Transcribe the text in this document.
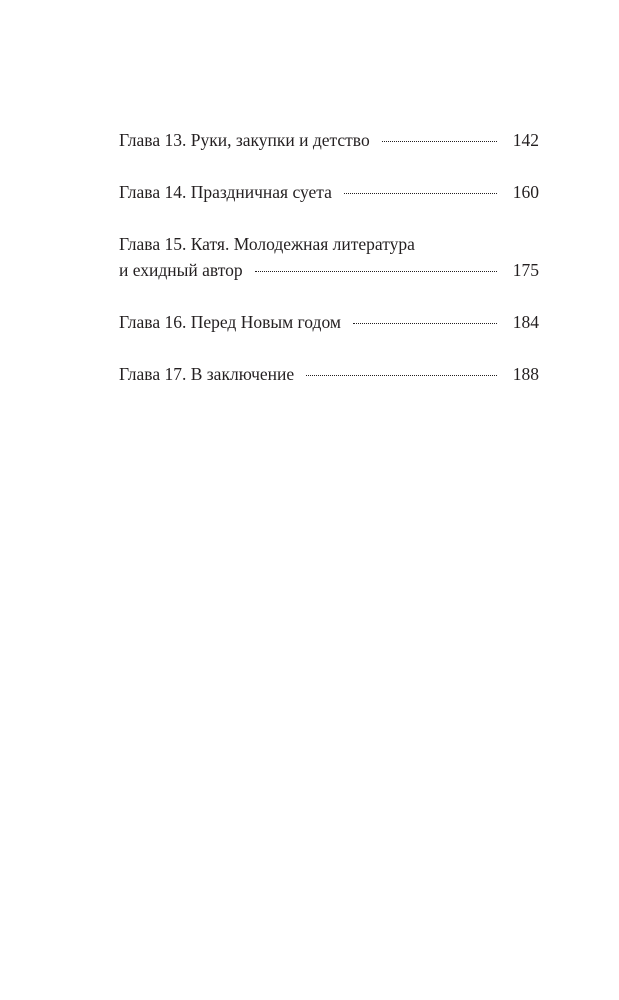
Глава 13. Руки, закупки и детство	142
Глава 14. Праздничная суета	160
Глава 15. Катя. Молодежная литература
и ехидный автор	175
Глава 16. Перед Новым годом	184
Глава 17. В заключение	188
